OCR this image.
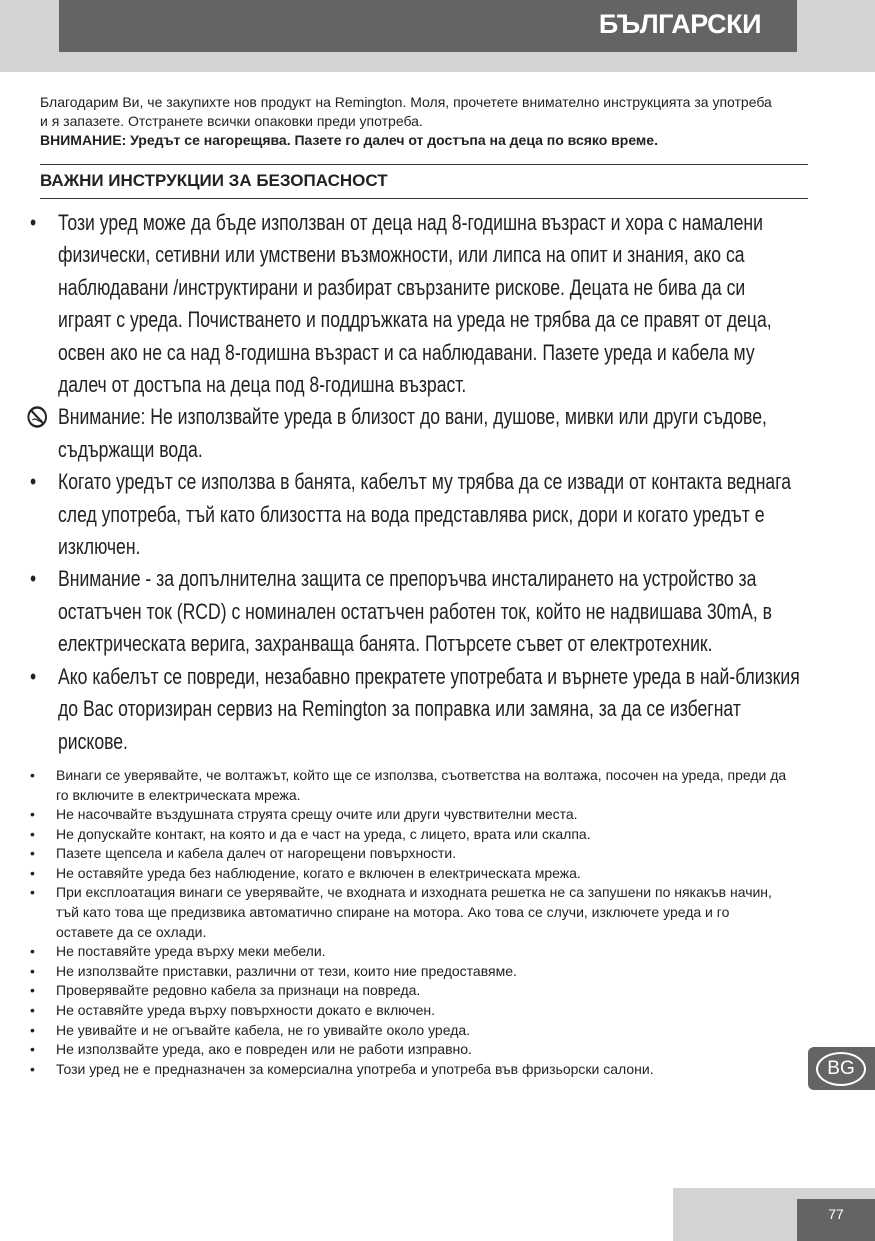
БЪЛГАРСКИ
Благодарим Ви, че закупихте нов продукт на Remington. Моля, прочетете внимателно инструкцията за употреба и я запазете. Отстранете всички опаковки преди употреба.
ВНИМАНИЕ: Уредът се нагорещява. Пазете го далеч от достъпа на деца по всяко време.
ВАЖНИ ИНСТРУКЦИИ ЗА БЕЗОПАСНОСТ
• Този уред може да бъде използван от деца над 8-годишна възраст и хора с намалени физически, сетивни или умствени възможности, или липса на опит и знания, ако са наблюдавани /инструктирани и разбират свързаните рискове. Децата не бива да си играят с уреда. Почистването и поддръжката на уреда не трябва да се правят от деца, освен ако не са над 8-годишна възраст и са наблюдавани. Пазете уреда и кабела му далеч от достъпа на деца под 8-годишна възраст.
Внимание: Не използвайте уреда в близост до вани, душове, мивки или други съдове, съдържащи вода.
• Когато уредът се използва в банята, кабелът му трябва да се извади от контакта веднага след употреба, тъй като близостта на вода представлява риск, дори и когато уредът е изключен.
• Внимание - за допълнителна защита се препоръчва инсталирането на устройство за остатъчен ток (RCD) с номинален остатъчен работен ток, който не надвишава 30mA, в електрическата верига, захранваща банята. Потърсете съвет от електротехник.
• Ако кабелът се повреди, незабавно прекратете употребата и върнете уреда в най-близкия до Вас оторизиран сервиз на Remington за поправка или замяна, за да се избегнат рискове.
• Винаги се уверявайте, че волтажът, който ще се използва, съответства на волтажа, посочен на уреда, преди да го включите в електрическата мрежа.
• Не насочвайте въздушната струята срещу очите или други чувствителни места.
• Не допускайте контакт, на която и да е част на уреда, с лицето, врата или скалпа.
• Пазете щепсела и кабела далеч от нагорещени повърхности.
• Не оставяйте уреда без наблюдение, когато е включен в електрическата мрежа.
• При експлоатация винаги се уверявайте, че входната и изходната решетка не са запушени по някакъв начин, тъй като това ще предизвика автоматично спиране на мотора. Ако това се случи, изключете уреда и го оставете да се охлади.
• Не поставяйте уреда върху меки мебели.
• Не използвайте приставки, различни от тези, които ние предоставяме.
• Проверявайте редовно кабела за признаци на повреда.
• Не оставяйте уреда върху повърхности докато е включен.
• Не увивайте и не огъвайте кабела, не го увивайте около уреда.
• Не използвайте уреда, ако е повреден или не работи изправно.
• Този уред не е предназначен за комерсиална употреба и употреба във фризьорски салони.	BG
77
